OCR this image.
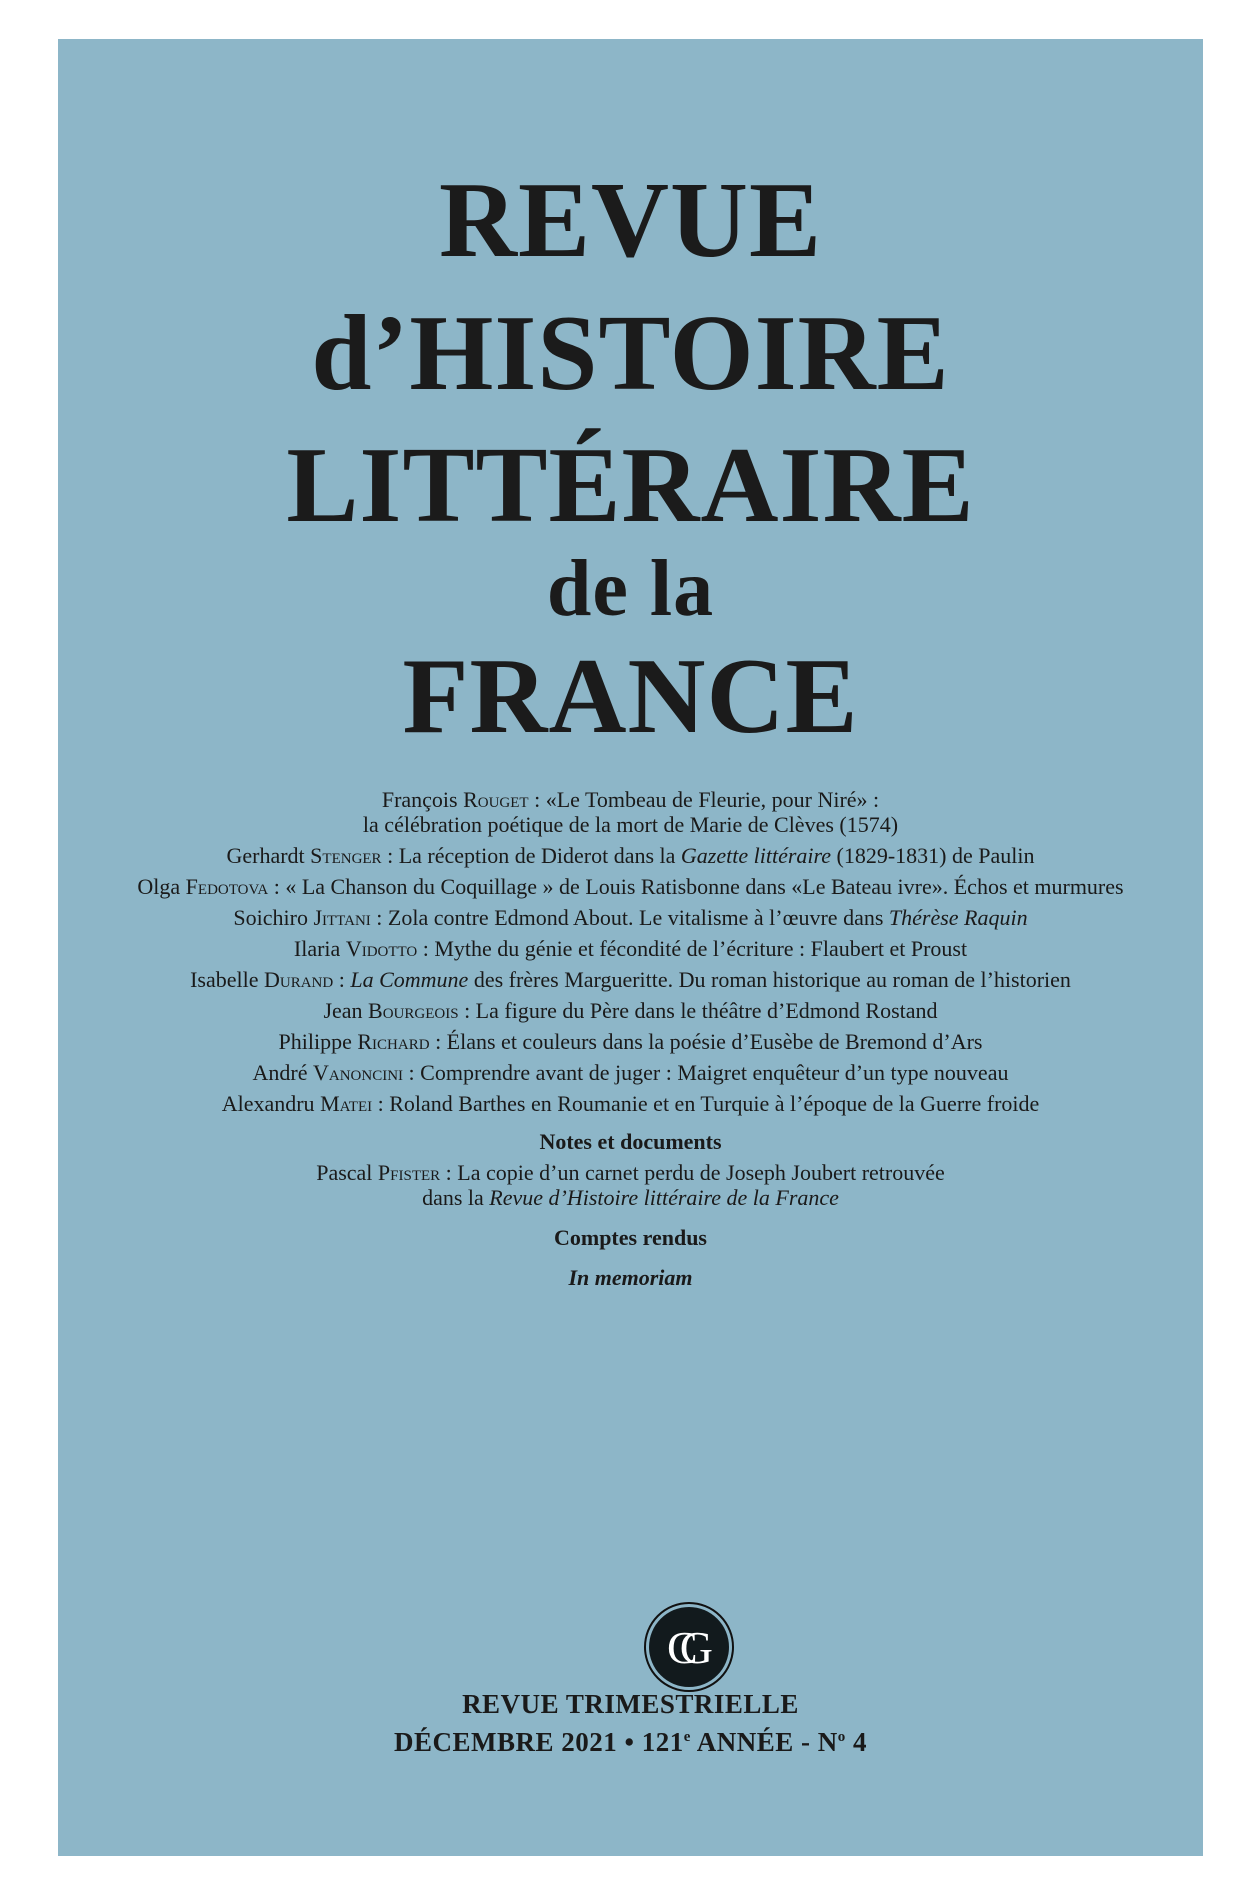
REVUE
d’HISTOIRE
LITTÉRAIRE
de la
FRANCE
François Rouget : «Le Tombeau de Fleurie, pour Niré» :
la célébration poétique de la mort de Marie de Clèves (1574)
Gerhardt Stenger : La réception de Diderot dans la Gazette littéraire (1829-1831) de Paulin
Olga Fedotova : « La Chanson du Coquillage » de Louis Ratisbonne dans «Le Bateau ivre». Échos et murmures
Soichiro Jittani : Zola contre Edmond About. Le vitalisme à l’œuvre dans Thérèse Raquin
Ilaria Vidotto : Mythe du génie et fécondité de l’écriture : Flaubert et Proust
Isabelle Durand : La Commune des frères Margueritte. Du roman historique au roman de l’historien
Jean Bourgeois : La figure du Père dans le théâtre d’Edmond Rostand
Philippe Richard : Élans et couleurs dans la poésie d’Eusèbe de Bremond d’Ars
André Vanoncini : Comprendre avant de juger : Maigret enquêteur d’un type nouveau
Alexandru Matei : Roland Barthes en Roumanie et en Turquie à l’époque de la Guerre froide
Notes et documents
Pascal Pfister : La copie d’un carnet perdu de Joseph Joubert retrouvée
dans la Revue d’Histoire littéraire de la France
Comptes rendus
In memoriam
CG
REVUE TRIMESTRIELLE
DÉCEMBRE 2021 • 121e ANNÉE - $N^o$ 4
